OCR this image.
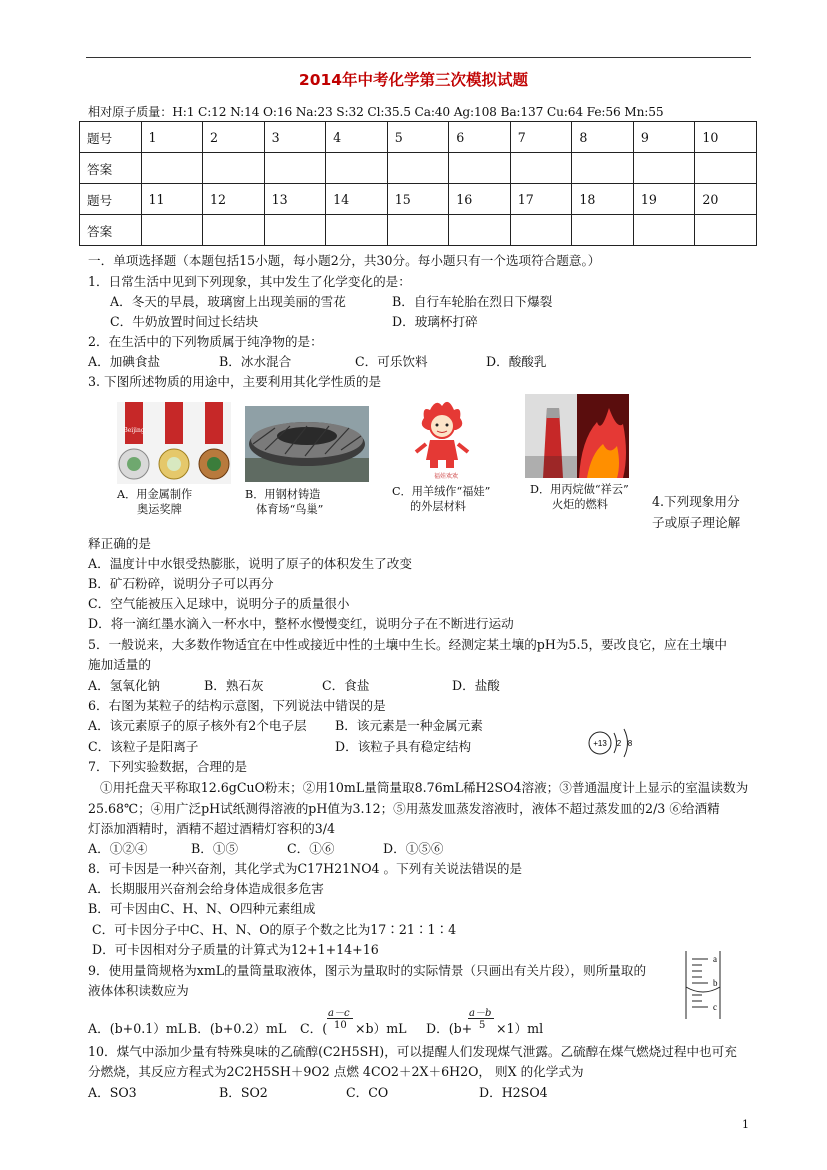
2014年中考化学第三次模拟试题
相对原子质量：H:1 C:12 N:14 O:16 Na:23 S:32 Cl:35.5 Ca:40 Ag:108 Ba:137 Cu:64 Fe:56 Mn:55
题号	1	2	3	4	5	6	7	8	9	10
答案										
题号	11	12	13	14	15	16	17	18	19	20
答案										
一．单项选择题（本题包括15小题，每小题2分，共30分。每小题只有一个选项符合题意。）
1．日常生活中见到下列现象，其中发生了化学变化的是：
A．冬天的早晨，玻璃窗上出现美丽的雪花	B．自行车轮胎在烈日下爆裂
C．牛奶放置时间过长结块	D．玻璃杯打碎
2．在生活中的下列物质属于纯净物的是：
A．加碘食盐	B．冰水混合	C．可乐饮料	D．酸酸乳
3. 下图所述物质的用途中，主要利用其化学性质的是
Beijing
A．用金属制作
奥运奖牌
B．用钢材铸造
体育场“鸟巢”
福娃欢欢
C．用羊绒作“福娃”
的外层材料
D．用丙烷做“祥云”
火炬的燃料	4.下列现象用分
子或原子理论解
释正确的是
A．温度计中水银受热膨胀，说明了原子的体积发生了改变
B．矿石粉碎，说明分子可以再分
C．空气能被压入足球中，说明分子的质量很小
D．将一滴红墨水滴入一杯水中，整杯水慢慢变红，说明分子在不断进行运动
5．一般说来，大多数作物适宜在中性或接近中性的土壤中生长。经测定某土壤的pH为5.5，要改良它，应在土壤中
施加适量的
A．氢氧化钠	B．熟石灰	C．食盐	D．盐酸
6．右图为某粒子的结构示意图，下列说法中错误的是
A．该元素原子的原子核外有2个电子层 B．该元素是一种金属元素
C．该粒子是阳离子	D．该粒子具有稳定结构	+13 2 8
7．下列实验数据，合理的是
①用托盘天平称取12.6gCuO粉末；②用10mL量筒量取8.76mL稀H2SO4溶液；③普通温度计上显示的室温读数为
25.68℃；④用广泛pH试纸测得溶液的pH值为3.12；⑤用蒸发皿蒸发溶液时，液体不超过蒸发皿的2/3 ⑥给酒精
灯添加酒精时，酒精不超过酒精灯容积的3/4
A．①②④	B．①⑤	C．①⑥	D．①⑤⑥
8．可卡因是一种兴奋剂，其化学式为C17H21NO4 。下列有关说法错误的是
A．长期服用兴奋剂会给身体造成很多危害
B．可卡因由C、H、N、O四种元素组成
C．可卡因分子中C、H、N、O的原子个数之比为17∶21∶1∶4
D．可卡因相对分子质量的计算式为12+1+14+16
9．使用量筒规格为xmL的量筒量取液体，图示为量取时的实际情景（只画出有关片段），则所量取的
液体体积读数应为
a
b
c
A．(b+0.1）mL B．(b+0.2）mL C．(
a－c
10 ×b）mL D．(b+
a－b
5 ×1）ml
10．煤气中添加少量有特殊臭味的乙硫醇(C2H5SH)，可以提醒人们发现煤气泄露。乙硫醇在煤气燃烧过程中也可充
分燃烧，其反应方程式为2C2H5SH＋9O2 点燃 4CO2＋2X＋6H2O， 则X 的化学式为
A．SO3	B．SO2	C．CO	D．H2SO4
1
